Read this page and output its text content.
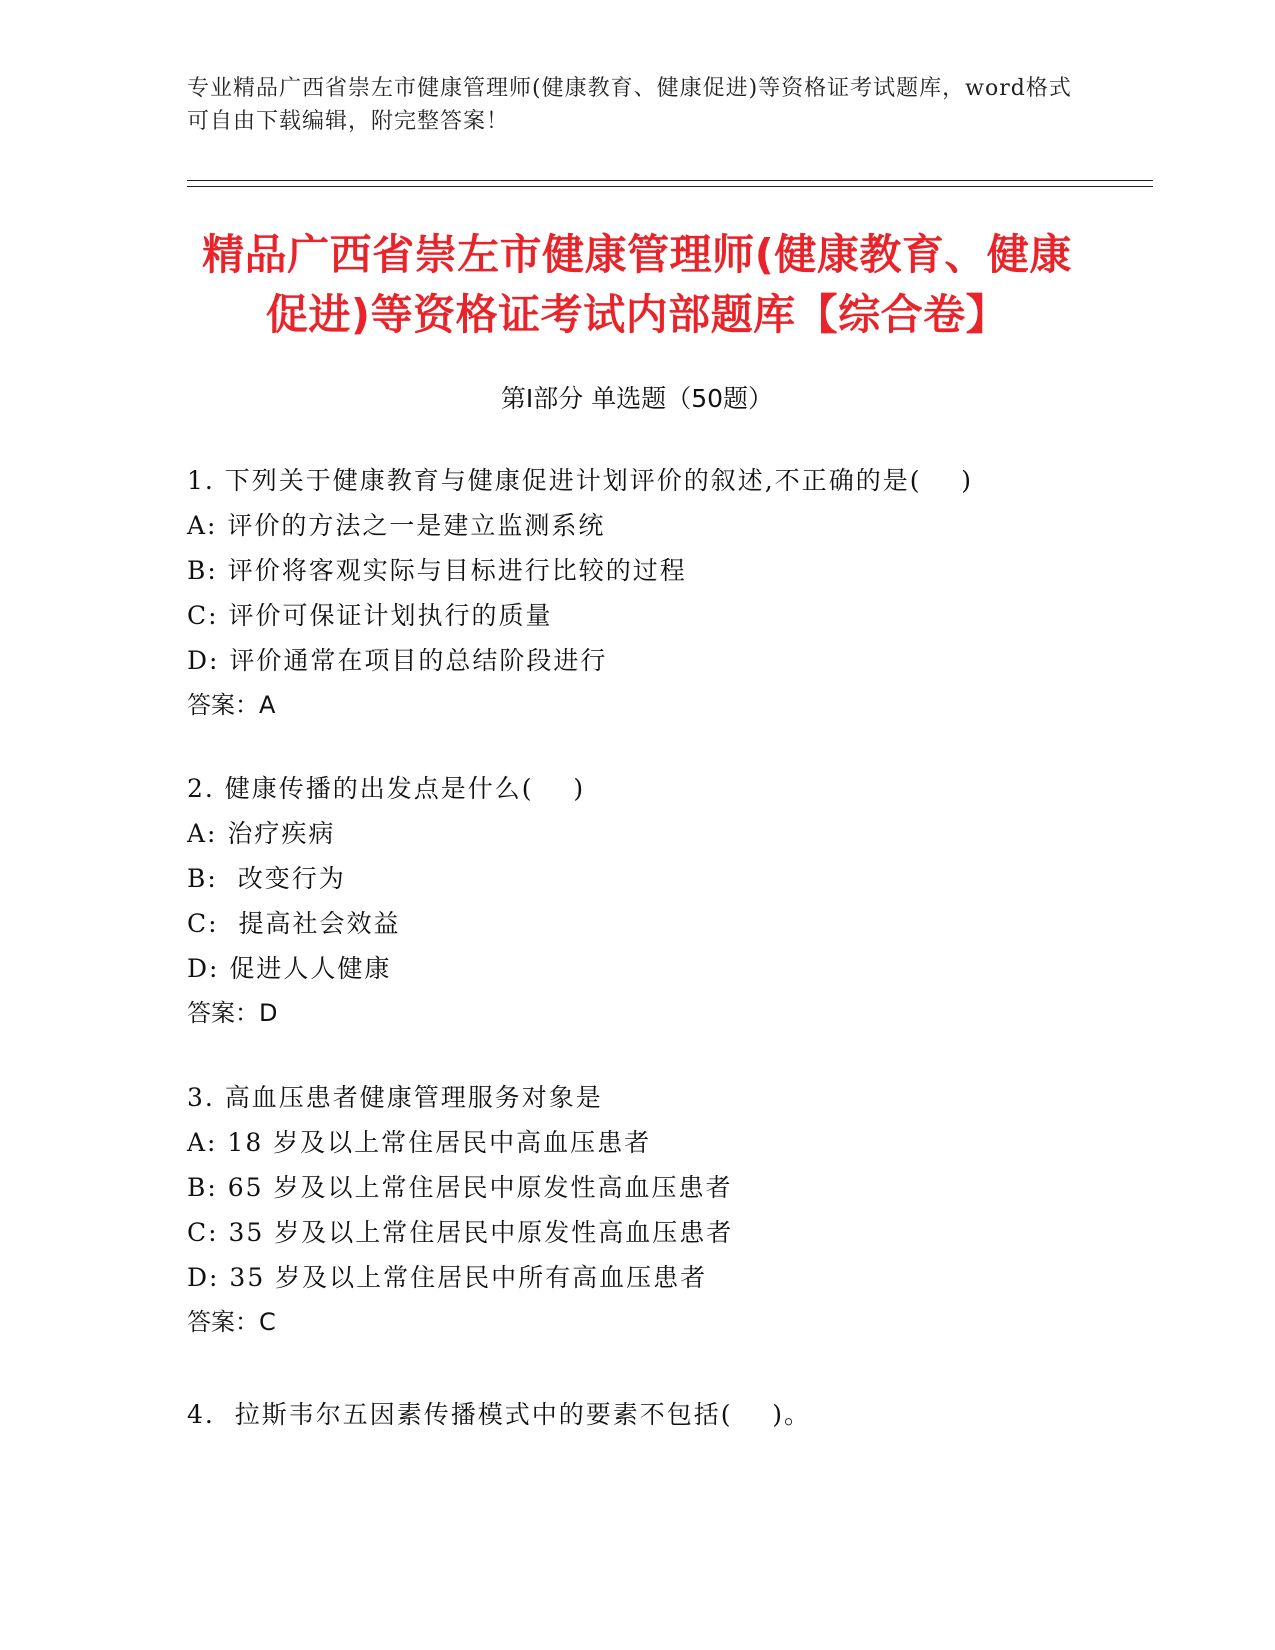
专业精品广西省崇左市健康管理师(健康教育、健康促进)等资格证考试题库，word格式可自由下载编辑，附完整答案！
精品广西省崇左市健康管理师(健康教育、健康促进)等资格证考试内部题库【综合卷】
第Ⅰ部分 单选题（50题）
1. 下列关于健康教育与健康促进计划评价的叙述,不正确的是(    )
A: 评价的方法之一是建立监测系统
B: 评价将客观实际与目标进行比较的过程
C: 评价可保证计划执行的质量
D: 评价通常在项目的总结阶段进行
答案：A
2. 健康传播的出发点是什么(    )
A: 治疗疾病
B:  改变行为
C:  提高社会效益
D: 促进人人健康
答案：D
3. 高血压患者健康管理服务对象是
A: 18 岁及以上常住居民中高血压患者
B: 65 岁及以上常住居民中原发性高血压患者
C: 35 岁及以上常住居民中原发性高血压患者
D: 35 岁及以上常住居民中所有高血压患者
答案：C
4.  拉斯韦尔五因素传播模式中的要素不包括(    )。
